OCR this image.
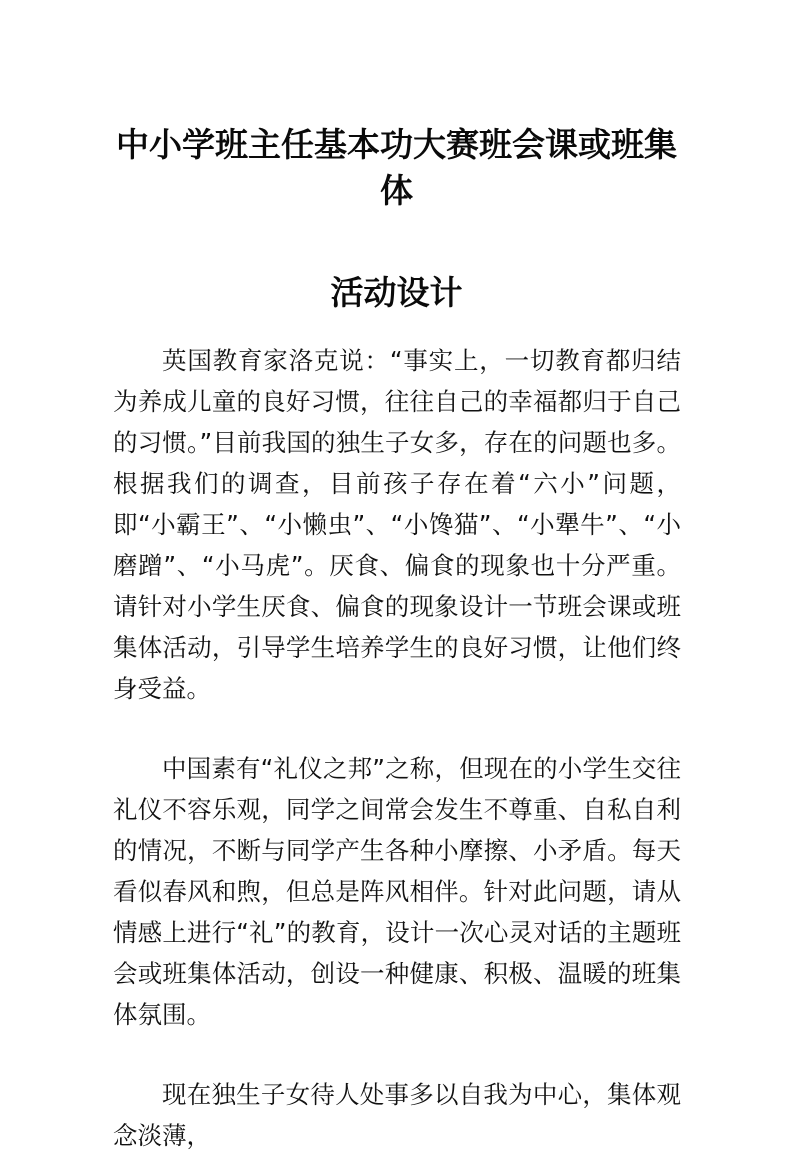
中小学班主任基本功大赛班会课或班集体
活动设计

英国教育家洛克说：“事实上，一切教育都归结为养成儿童的良好习惯，往往自己的幸福都归于自己的习惯。”目前我国的独生子女多，存在的问题也多。根据我们的调查，目前孩子存在着“六小”问题，即“小霸王”、“小懒虫”、“小馋猫”、“小犟牛”、“小磨蹭”、“小马虎”。厌食、偏食的现象也十分严重。请针对小学生厌食、偏食的现象设计一节班会课或班集体活动，引导学生培养学生的良好习惯，让他们终身受益。

中国素有“礼仪之邦”之称，但现在的小学生交往礼仪不容乐观，同学之间常会发生不尊重、自私自利的情况，不断与同学产生各种小摩擦、小矛盾。每天看似春风和煦，但总是阵风相伴。针对此问题，请从情感上进行“礼”的教育，设计一次心灵对话的主题班会或班集体活动，创设一种健康、积极、温暖的班集体氛围。

现在独生子女待人处事多以自我为中心，集体观念淡薄，
